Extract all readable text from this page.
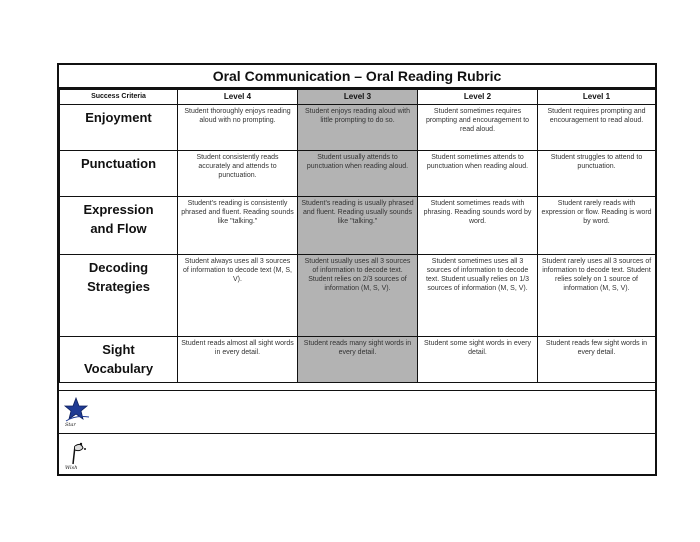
Oral Communication – Oral Reading Rubric
Success Criteria	Level 4	Level 3	Level 2	Level 1
Enjoyment	Student thoroughly enjoys reading aloud with no prompting.	Student enjoys reading aloud with little prompting to do so.	Student sometimes requires prompting and encouragement to read aloud.	Student requires prompting and encouragement to read aloud.
Punctuation	Student consistently reads accurately and attends to punctuation.	Student usually attends to punctuation when reading aloud.	Student sometimes attends to punctuation when reading aloud.	Student struggles to attend to punctuation.

Expression
and Flow	Student's reading is consistently phrased and fluent. Reading sounds like "talking."	Student's reading is usually phrased and fluent. Reading usually sounds like "talking."	Student sometimes reads with phrasing. Reading sounds word by word.	Student rarely reads with expression or flow. Reading is word by word.

Decoding
Strategies	Student always uses all 3 sources of information to decode text (M, S, V).	Student usually uses all 3 sources of information to decode text. Student relies on 2/3 sources of information (M, S, V).	Student sometimes uses all 3 sources of information to decode text. Student usually relies on 1/3 sources of information (M, S, V).	Student rarely uses all 3 sources of information to decode text. Student relies solely on 1 source of information (M, S, V).

Sight
Vocabulary	Student reads almost all sight words in every detail.	Student reads many sight words in every detail.	Student some sight words in every detail.	Student reads few sight words in every detail.
Star
Wish
